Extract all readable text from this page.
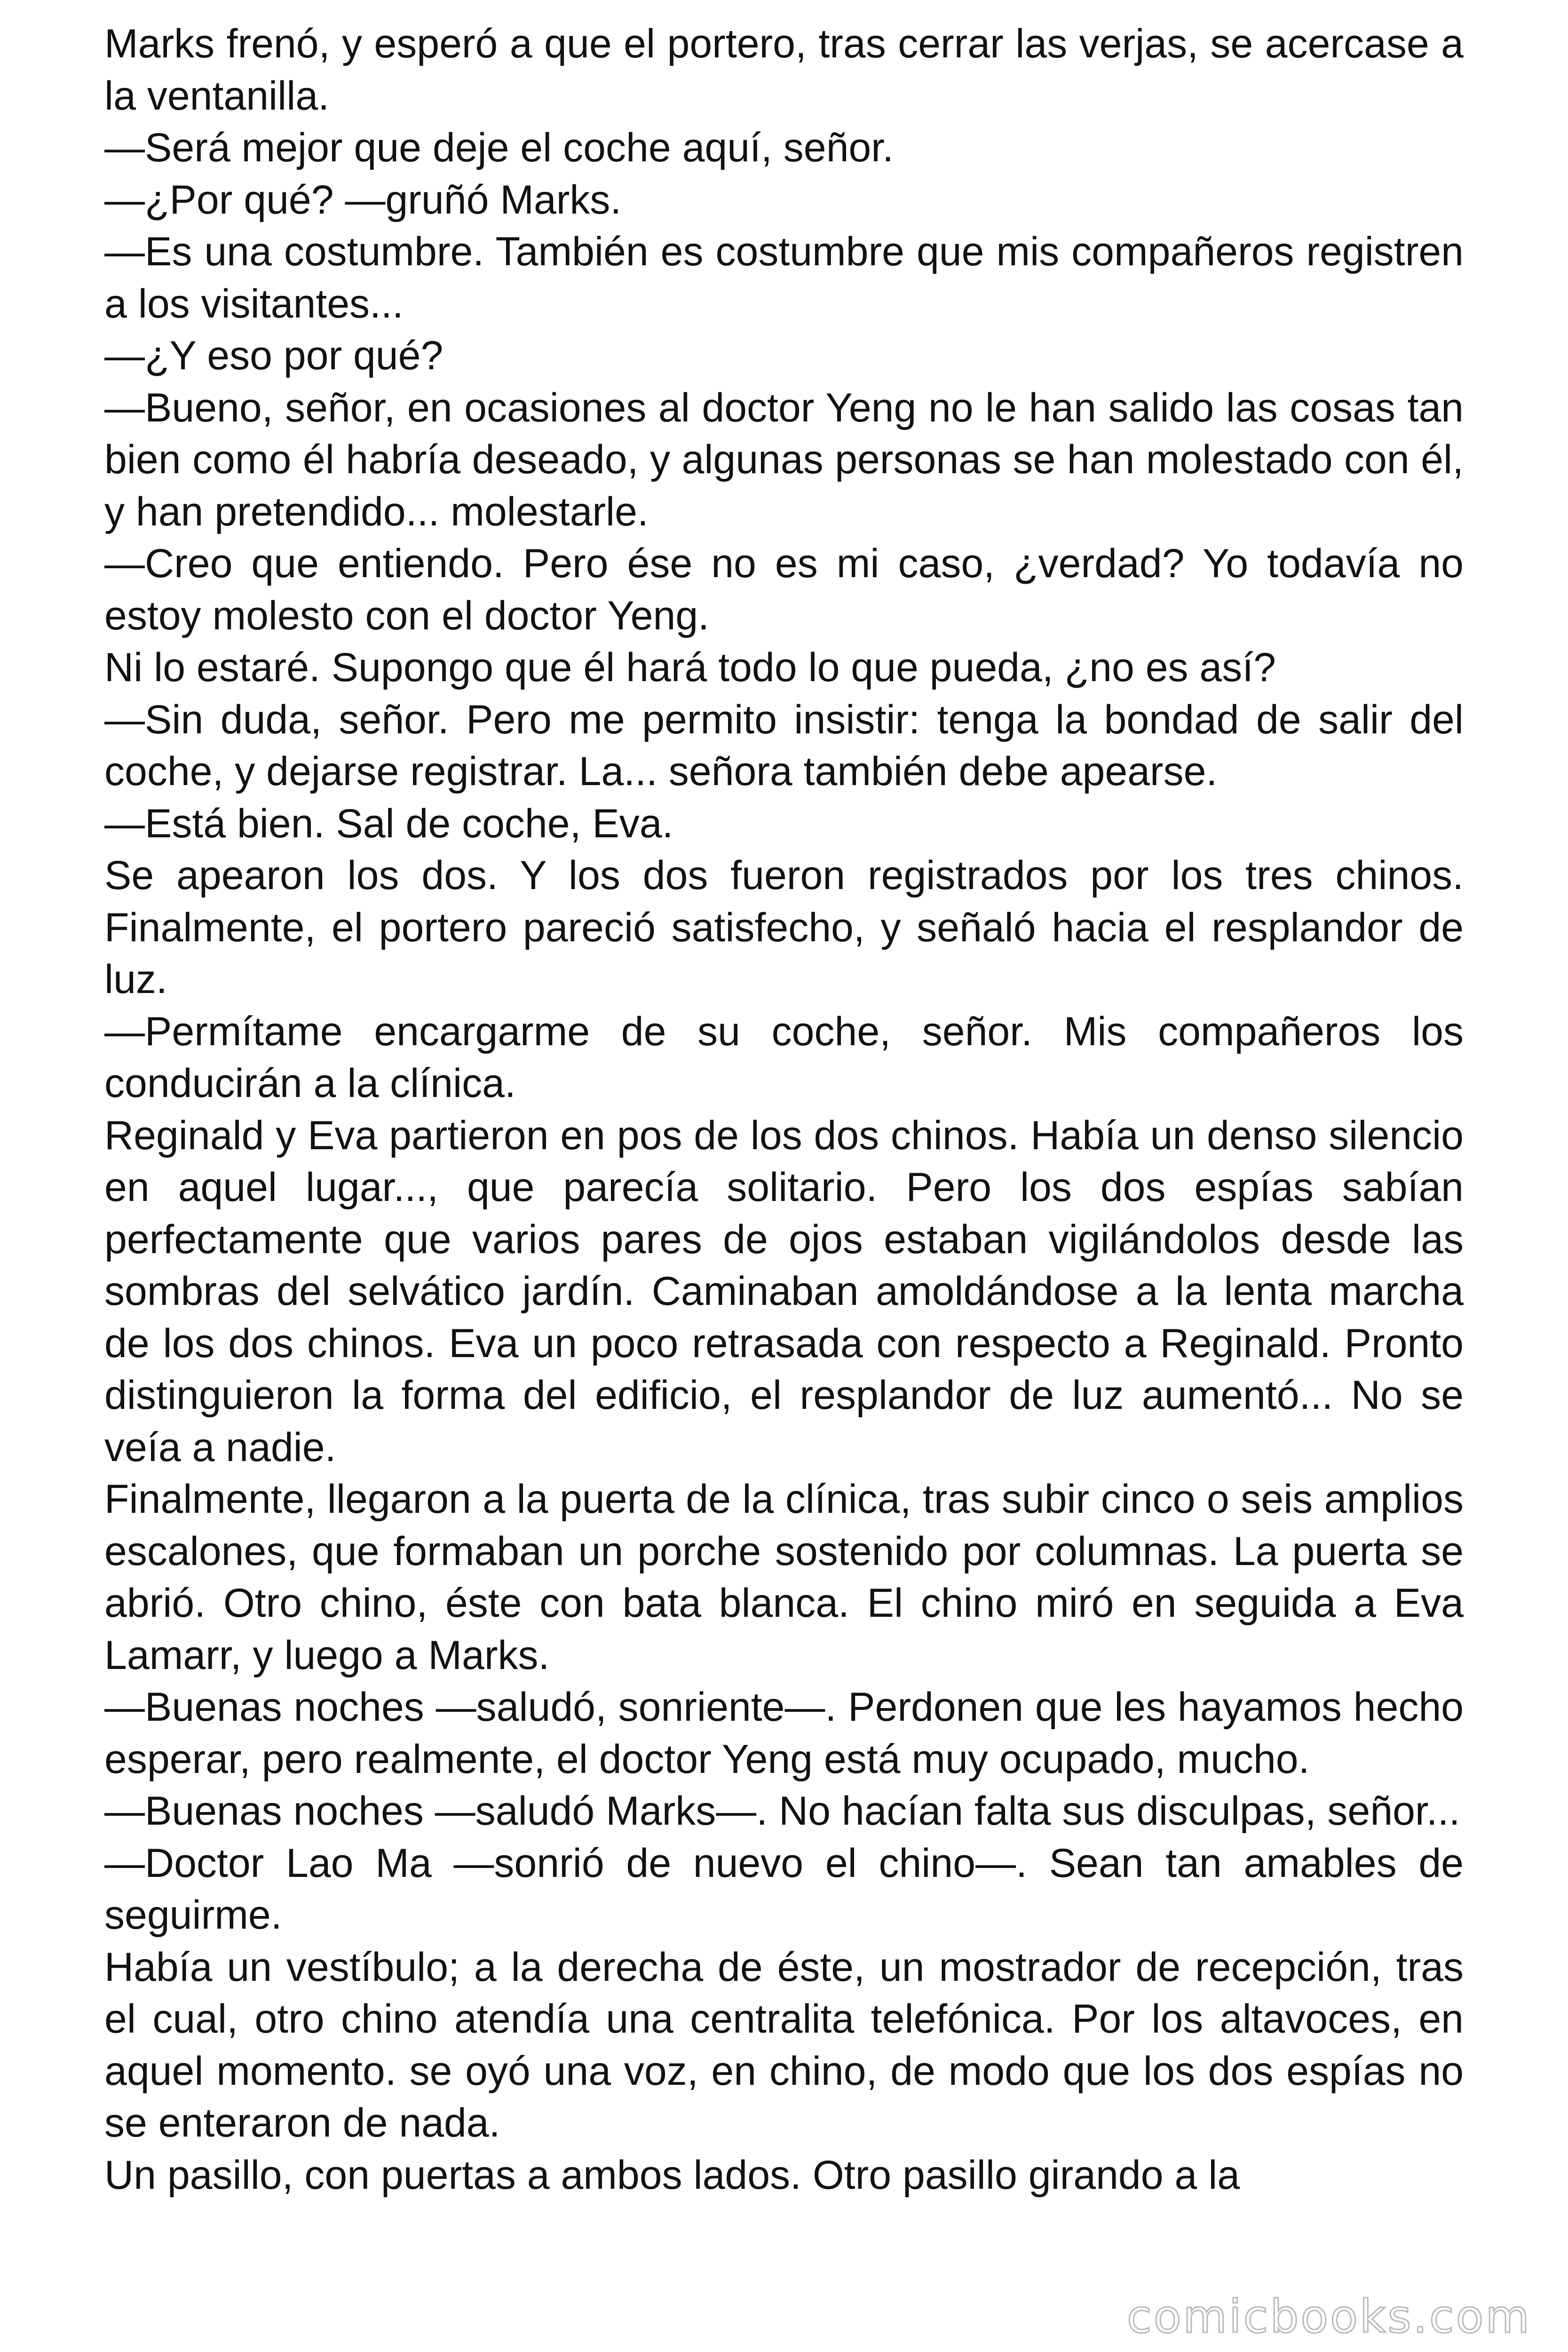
Marks frenó, y esperó a que el portero, tras cerrar las verjas, se acercase a la ventanilla.

—Será mejor que deje el coche aquí, señor.

—¿Por qué? —gruñó Marks.

—Es una costumbre. También es costumbre que mis compañeros registren a los visitantes...

—¿Y eso por qué?

—Bueno, señor, en ocasiones al doctor Yeng no le han salido las cosas tan bien como él habría deseado, y algunas personas se han molestado con él, y han pretendido... molestarle.

—Creo que entiendo. Pero ése no es mi caso, ¿verdad? Yo todavía no estoy molesto con el doctor Yeng.

Ni lo estaré. Supongo que él hará todo lo que pueda, ¿no es así?

—Sin duda, señor. Pero me permito insistir: tenga la bondad de salir del coche, y dejarse registrar. La... señora también debe apearse.

—Está bien. Sal de coche, Eva.

Se apearon los dos. Y los dos fueron registrados por los tres chinos. Finalmente, el portero pareció satisfecho, y señaló hacia el resplandor de luz.

—Permítame encargarme de su coche, señor. Mis compañeros los conducirán a la clínica.

Reginald y Eva partieron en pos de los dos chinos. Había un denso silencio en aquel lugar..., que parecía solitario. Pero los dos espías sabían perfectamente que varios pares de ojos estaban vigilándolos desde las sombras del selvático jardín. Caminaban amoldándose a la lenta marcha de los dos chinos. Eva un poco retrasada con respecto a Reginald. Pronto distinguieron la forma del edificio, el resplandor de luz aumentó... No se veía a nadie.

Finalmente, llegaron a la puerta de la clínica, tras subir cinco o seis amplios escalones, que formaban un porche sostenido por columnas. La puerta se abrió. Otro chino, éste con bata blanca. El chino miró en seguida a Eva Lamarr, y luego a Marks.

—Buenas noches —saludó, sonriente—. Perdonen que les hayamos hecho esperar, pero realmente, el doctor Yeng está muy ocupado, mucho.

—Buenas noches —saludó Marks—. No hacían falta sus disculpas, señor...

—Doctor Lao Ma —sonrió de nuevo el chino—. Sean tan amables de seguirme.

Había un vestíbulo; a la derecha de éste, un mostrador de recepción, tras el cual, otro chino atendía una centralita telefónica. Por los altavoces, en aquel momento. se oyó una voz, en chino, de modo que los dos espías no se enteraron de nada.

Un pasillo, con puertas a ambos lados. Otro pasillo girando a la

comicbooks.com
